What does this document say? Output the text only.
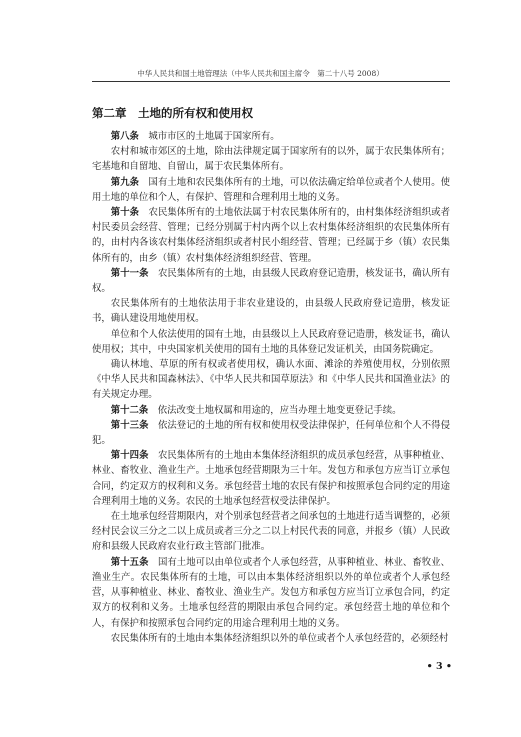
中华人民共和国土地管理法（中华人民共和国主席令　第二十八号 2008）
第二章　土地的所有权和使用权

第八条　 城市市区的土地属于国家所有。

农村和城市郊区的土地，除由法律规定属于国家所有的以外，属于农民集体所有；宅基地和自留地、自留山，属于农民集体所有。

第九条　 国有土地和农民集体所有的土地，可以依法确定给单位或者个人使用。使用土地的单位和个人，有保护、管理和合理利用土地的义务。

第十条　 农民集体所有的土地依法属于村农民集体所有的，由村集体经济组织或者村民委员会经营、管理；已经分别属于村内两个以上农村集体经济组织的农民集体所有的，由村内各该农村集体经济组织或者村民小组经营、管理；已经属于乡（镇）农民集体所有的，由乡（镇）农村集体经济组织经营、管理。

第十一条　 农民集体所有的土地，由县级人民政府登记造册，核发证书，确认所有权。

农民集体所有的土地依法用于非农业建设的，由县级人民政府登记造册，核发证书，确认建设用地使用权。

单位和个人依法使用的国有土地，由县级以上人民政府登记造册，核发证书，确认使用权；其中，中央国家机关使用的国有土地的具体登记发证机关，由国务院确定。

确认林地、草原的所有权或者使用权，确认水面、滩涂的养殖使用权，分别依照《中华人民共和国森林法》、《中华人民共和国草原法》和《中华人民共和国渔业法》的有关规定办理。

第十二条　 依法改变土地权属和用途的，应当办理土地变更登记手续。

第十三条　 依法登记的土地的所有权和使用权受法律保护，任何单位和个人不得侵犯。

第十四条　 农民集体所有的土地由本集体经济组织的成员承包经营，从事种植业、林业、畜牧业、渔业生产。土地承包经营期限为三十年。发包方和承包方应当订立承包合同，约定双方的权利和义务。承包经营土地的农民有保护和按照承包合同约定的用途合理利用土地的义务。农民的土地承包经营权受法律保护。

在土地承包经营期限内，对个别承包经营者之间承包的土地进行适当调整的，必须经村民会议三分之二以上成员或者三分之二以上村民代表的同意，并报乡（镇）人民政府和县级人民政府农业行政主管部门批准。

第十五条　 国有土地可以由单位或者个人承包经营，从事种植业、林业、畜牧业、渔业生产。农民集体所有的土地，可以由本集体经济组织以外的单位或者个人承包经营，从事种植业、林业、畜牧业、渔业生产。发包方和承包方应当订立承包合同，约定双方的权利和义务。土地承包经营的期限由承包合同约定。承包经营土地的单位和个人，有保护和按照承包合同约定的用途合理利用土地的义务。

农民集体所有的土地由本集体经济组织以外的单位或者个人承包经营的，必须经村

• 3 •
